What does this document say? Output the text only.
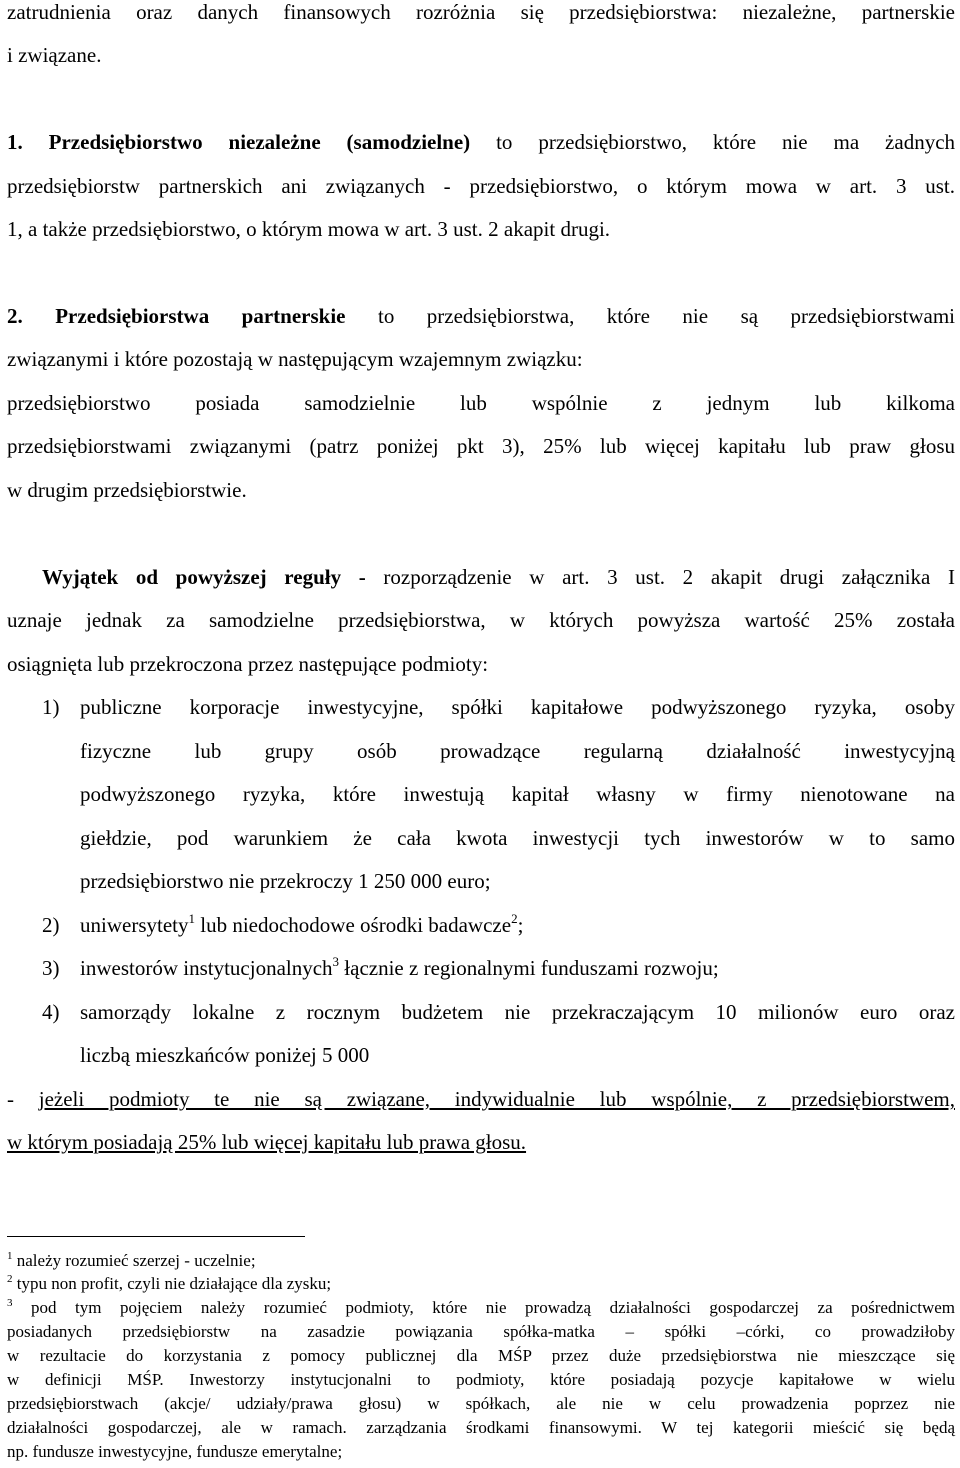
zatrudnienia oraz danych finansowych rozróżnia się przedsiębiorstwa: niezależne, partnerskie
i związane.
1. Przedsiębiorstwo niezależne (samodzielne) to przedsiębiorstwo, które nie ma żadnych
przedsiębiorstw partnerskich ani związanych - przedsiębiorstwo, o którym mowa w art. 3 ust.
1, a także przedsiębiorstwo, o którym mowa w art. 3 ust. 2 akapit drugi.
2. Przedsiębiorstwa partnerskie to przedsiębiorstwa, które nie są przedsiębiorstwami
związanymi i które pozostają w następującym wzajemnym związku:
przedsiębiorstwo posiada samodzielnie lub wspólnie z jednym lub kilkoma
przedsiębiorstwami związanymi (patrz poniżej pkt 3), 25% lub więcej kapitału lub praw głosu
w drugim przedsiębiorstwie.
Wyjątek od powyższej reguły - rozporządzenie w art. 3 ust. 2 akapit drugi załącznika I
uznaje jednak za samodzielne przedsiębiorstwa, w których powyższa wartość 25% została
osiągnięta lub przekroczona przez następujące podmioty:
1) publiczne korporacje inwestycyjne, spółki kapitałowe podwyższonego ryzyka, osoby
fizyczne lub grupy osób prowadzące regularną działalność inwestycyjną
podwyższonego ryzyka, które inwestują kapitał własny w firmy nienotowane na
giełdzie, pod warunkiem że cała kwota inwestycji tych inwestorów w to samo
przedsiębiorstwo nie przekroczy 1 250 000 euro;
2) uniwersytety$^1$ lub niedochodowe ośrodki badawcze$^2$;
3) inwestorów instytucjonalnych$^3$ łącznie z regionalnymi funduszami rozwoju;
4) samorządy lokalne z rocznym budżetem nie przekraczającym 10 milionów euro oraz
liczbą mieszkańców poniżej 5 000
- jeżeli podmioty te nie są związane, indywidualnie lub wspólnie, z przedsiębiorstwem,
w którym posiadają 25% lub więcej kapitału lub prawa głosu.
$^1$ należy rozumieć szerzej - uczelnie;
$^2$ typu non profit, czyli nie działające dla zysku;
$^3$ pod tym pojęciem należy rozumieć podmioty, które nie prowadzą działalności gospodarczej za pośrednictwem
posiadanych przedsiębiorstw na zasadzie powiązania spółka-matka – spółki –córki, co prowadziłoby
w rezultacie do korzystania z pomocy publicznej dla MŚP przez duże przedsiębiorstwa nie mieszczące się
w definicji MŚP. Inwestorzy instytucjonalni to podmioty, które posiadają pozycje kapitałowe w wielu
przedsiębiorstwach (akcje/ udziały/prawa głosu) w spółkach, ale nie w celu prowadzenia poprzez nie
działalności gospodarczej, ale w ramach. zarządzania środkami finansowymi. W tej kategorii mieścić się będą
np. fundusze inwestycyjne, fundusze emerytalne;
